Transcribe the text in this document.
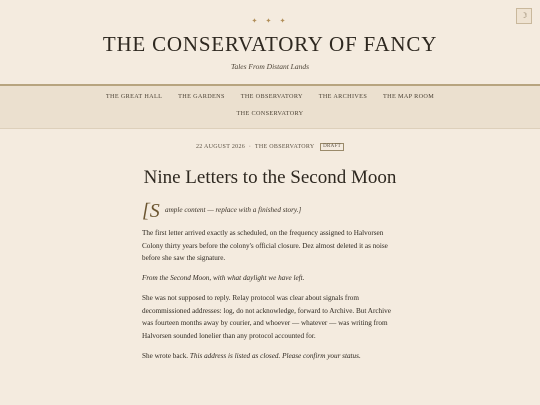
☽
✦ ✦ ✦
THE CONSERVATORY OF FANCY
Tales From Distant Lands
THE GREAT HALL	THE GARDENS	THE OBSERVATORY	THE ARCHIVES	THE MAP ROOM
THE CONSERVATORY
22 AUGUST 2026 · THE OBSERVATORY DRAFT
Nine Letters to the Second Moon
[S ample content — replace with a finished story.]

The first letter arrived exactly as scheduled, on the frequency assigned to Halvorsen Colony thirty years before the colony's official closure. Dez almost deleted it as noise before she saw the signature.

From the Second Moon, with what daylight we have left.

She was not supposed to reply. Relay protocol was clear about signals from decommissioned addresses: log, do not acknowledge, forward to Archive. But Archive was fourteen months away by courier, and whoever — whatever — was writing from Halvorsen sounded lonelier than any protocol accounted for.

She wrote back. This address is listed as closed. Please confirm your status.
